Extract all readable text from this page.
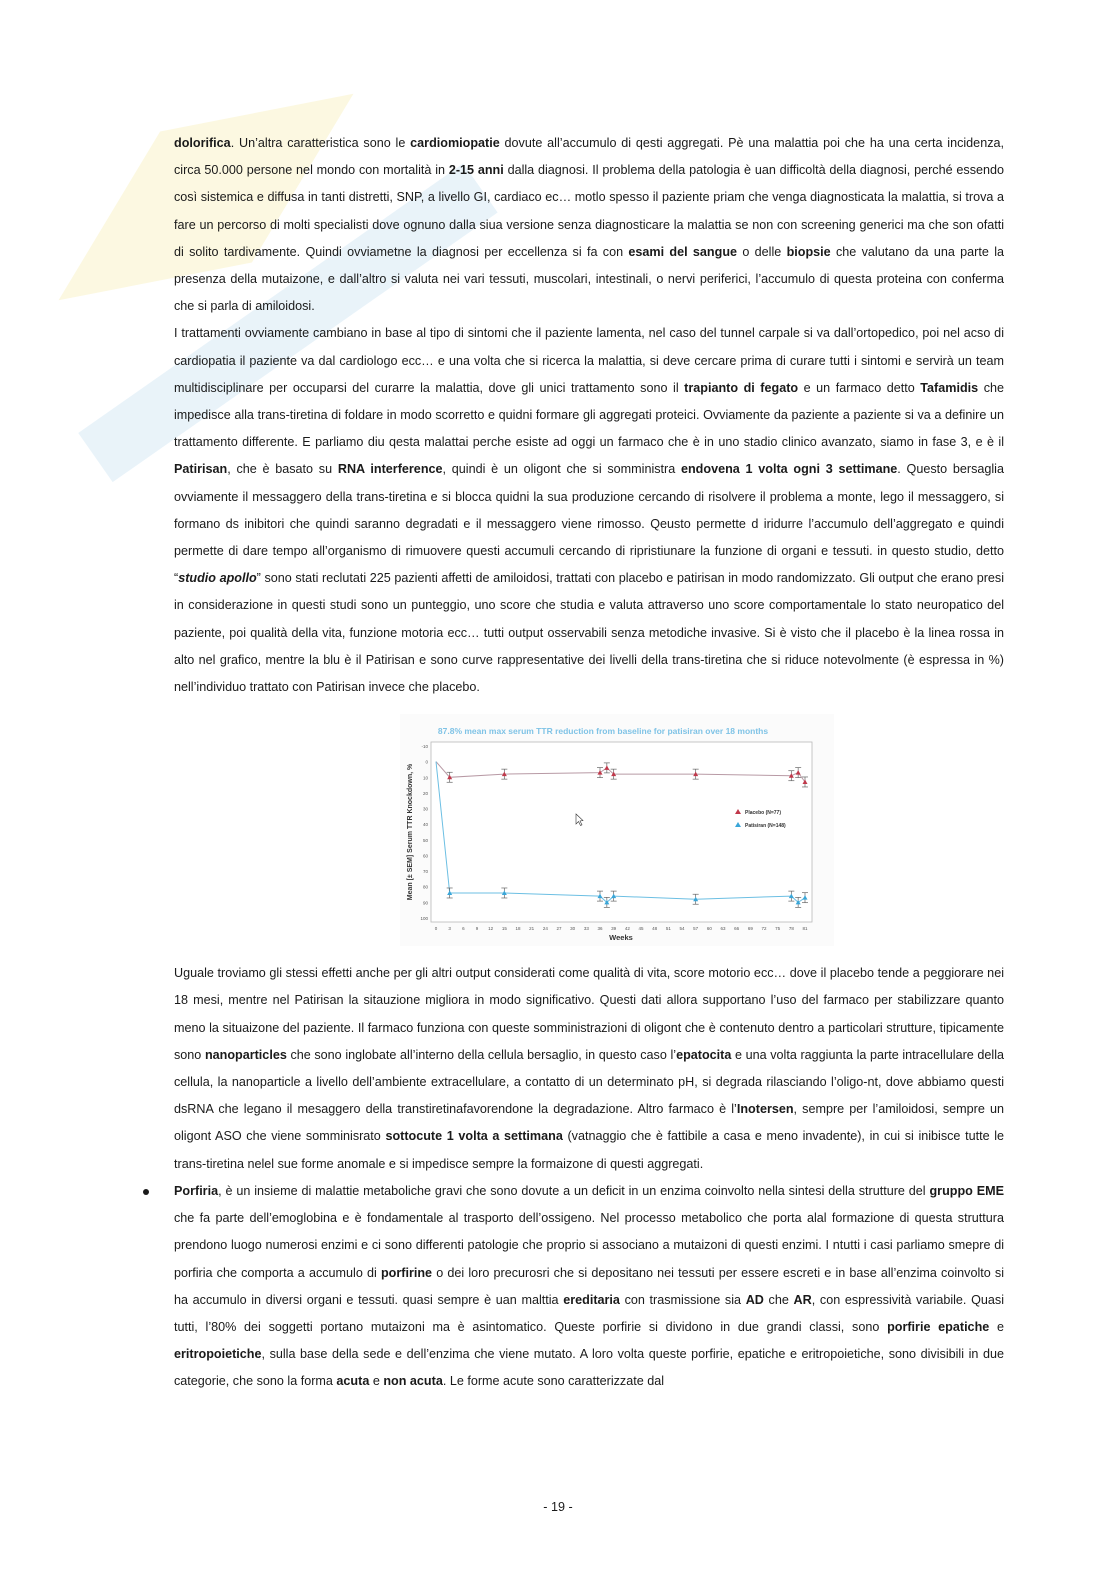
dolorifica. Un’altra caratteristica sono le cardiomiopatie dovute all’accumulo di qesti aggregati. Pè una malattia poi che ha una certa incidenza, circa 50.000 persone nel mondo con mortalità in 2-15 anni dalla diagnosi. Il problema della patologia è uan difficoltà della diagnosi, perché essendo così sistemica e diffusa in tanti distretti, SNP, a livello GI, cardiaco ec… motlo spesso il paziente priam che venga diagnosticata la malattia, si trova a fare un percorso di molti specialisti dove ognuno dalla siua versione senza diagnosticare la malattia se non con screening generici ma che son ofatti di solito tardivamente. Quindi ovviametne la diagnosi per eccellenza si fa con esami del sangue o delle biopsie che valutano da una parte la presenza della mutaizone, e dall’altro si valuta nei vari tessuti, muscolari, intestinali, o nervi periferici, l’accumulo di questa proteina con conferma che si parla di amiloidosi.

I trattamenti ovviamente cambiano in base al tipo di sintomi che il paziente lamenta, nel caso del tunnel carpale si va dall’ortopedico, poi nel acso di cardiopatia il paziente va dal cardiologo ecc… e una volta che si ricerca la malattia, si deve cercare prima di curare tutti i sintomi e servirà un team multidisciplinare per occuparsi del curarre la malattia, dove gli unici trattamento sono il trapianto di fegato e un farmaco detto Tafamidis che impedisce alla trans-tiretina di foldare in modo scorretto e quidni formare gli aggregati proteici. Ovviamente da paziente a paziente si va a definire un trattamento differente. E parliamo diu qesta malattai perche esiste ad oggi un farmaco che è in uno stadio clinico avanzato, siamo in fase 3, e è il Patirisan, che è basato su RNA interference, quindi è un oligont che si somministra endovena 1 volta ogni 3 settimane. Questo bersaglia ovviamente il messaggero della trans-tiretina e si blocca quidni la sua produzione cercando di risolvere il problema a monte, lego il messaggero, si formano ds inibitori che quindi saranno degradati e il messaggero viene rimosso. Qeusto permette d iridurre l’accumulo dell’aggregato e quindi permette di dare tempo all’organismo di rimuovere questi accumuli cercando di ripristiunare la funzione di organi e tessuti. in questo studio, detto “studio apollo” sono stati reclutati 225 pazienti affetti de amiloidosi, trattati con placebo e patirisan in modo randomizzato. Gli output che erano presi in considerazione in questi studi sono un punteggio, uno score che studia e valuta attraverso uno score comportamentale lo stato neuropatico del paziente, poi qualità della vita, funzione motoria ecc… tutti output osservabili senza metodiche invasive. Si è visto che il placebo è la linea rossa in alto nel grafico, mentre la blu è il Patirisan e sono curve rappresentative dei livelli della trans-tiretina che si riduce notevolmente (è espressa in %) nell’individuo trattato con Patirisan invece che placebo.

87.8% mean max serum TTR reduction from baseline for patisiran over 18 months
Mean [± SEM] Serum TTR Knockdown, %
Weeks
-10
0
10
20
30
40
50
60
70
80
90
100
0 3 6 9 12 15 18 21 24 27 30 33 36 39 42 45 48 51 54 57 60 63 66 69 72 75 78 81
Placebo (N=77)
Patisiran (N=148)

Uguale troviamo gli stessi effetti anche per gli altri output considerati come qualità di vita, score motorio ecc… dove il placebo tende a peggiorare nei 18 mesi, mentre nel Patirisan la sitauzione migliora in modo significativo. Questi dati allora supportano l’uso del farmaco per stabilizzare quanto meno la situaizone del paziente. Il farmaco funziona con queste somministrazioni di oligont che è contenuto dentro a particolari strutture, tipicamente sono nanoparticles che sono inglobate all’interno della cellula bersaglio, in questo caso l’epatocita e una volta raggiunta la parte intracellulare della cellula, la nanoparticle a livello dell’ambiente extracellulare, a contatto di un determinato pH, si degrada rilasciando l’oligo-nt, dove abbiamo questi dsRNA che legano il mesaggero della transtiretinafavorendone la degradazione. Altro farmaco è l’Inotersen, sempre per l’amiloidosi, sempre un oligont ASO che viene somminisrato sottocute 1 volta a settimana (vatnaggio che è fattibile a casa e meno invadente), in cui si inibisce tutte le trans-tiretina nelel sue forme anomale e si impedisce sempre la formaizone di questi aggregati.

Porfiria, è un insieme di malattie metaboliche gravi che sono dovute a un deficit in un enzima coinvolto nella sintesi della strutture del gruppo EME che fa parte dell’emoglobina e è fondamentale al trasporto dell’ossigeno. Nel processo metabolico che porta alal formazione di questa struttura prendono luogo numerosi enzimi e ci sono differenti patologie che proprio si associano a mutaizoni di questi enzimi. I ntutti i casi parliamo smepre di porfiria che comporta a accumulo di porfirine o dei loro precurosri che si depositano nei tessuti per essere escreti e in base all’enzima coinvolto si ha accumulo in diversi organi e tessuti. quasi sempre è uan malttia ereditaria con trasmissione sia AD che AR, con espressività variabile. Quasi tutti, l’80% dei soggetti portano mutaizoni ma è asintomatico. Queste porfirie si dividono in due grandi classi, sono porfirie epatiche e eritropoietiche, sulla base della sede e dell’enzima che viene mutato. A loro volta queste porfirie, epatiche e eritropoietiche, sono divisibili in due categorie, che sono la forma acuta e non acuta. Le forme acute sono caratterizzate dal

- 19 -
